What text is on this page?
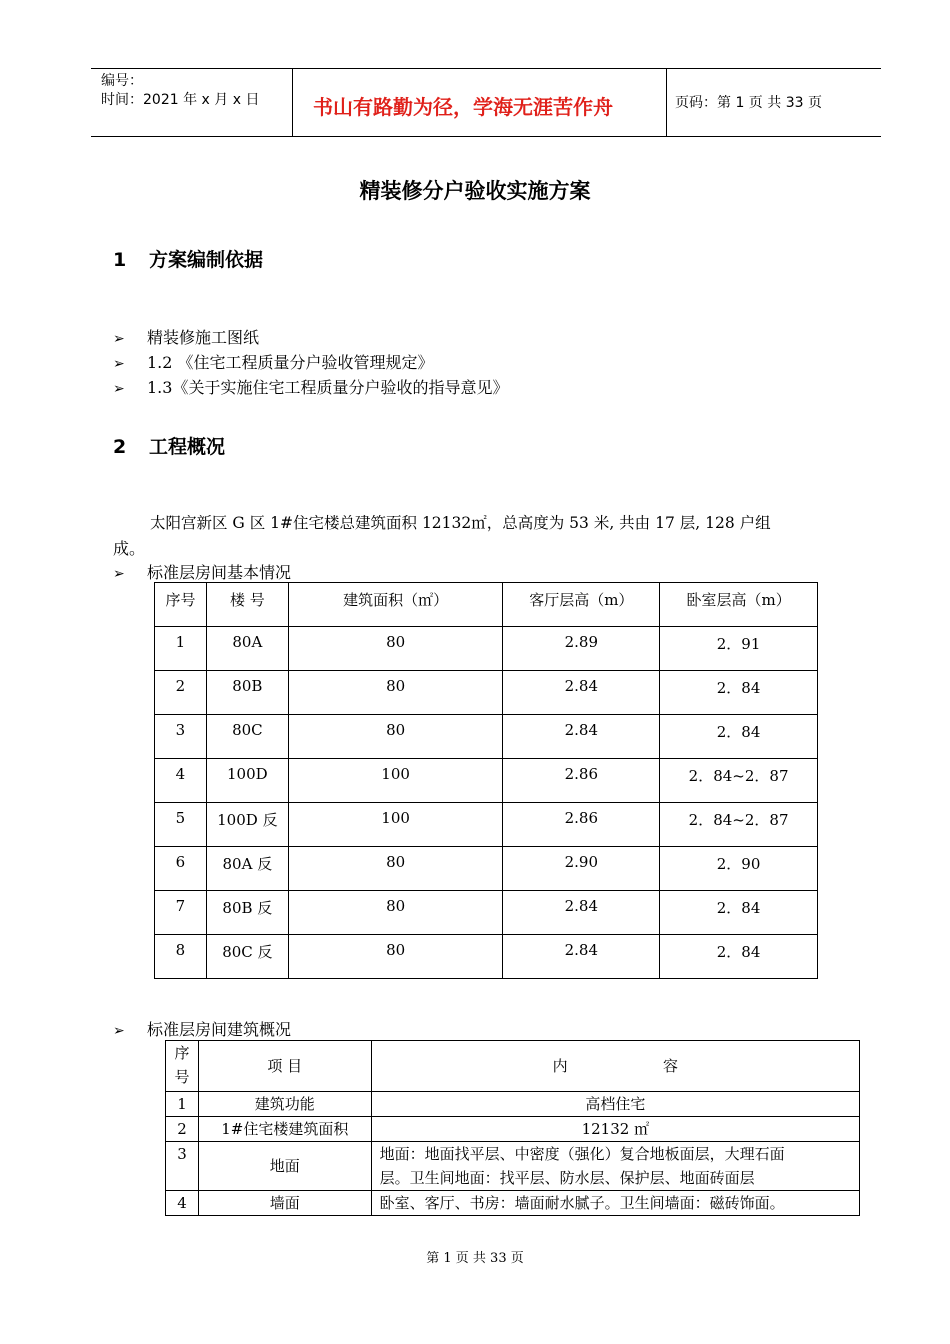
编号：
时间：2021 年 x 月 x 日	书山有路勤为径，学海无涯苦作舟	页码：第 1 页 共 33 页
精装修分户验收实施方案
1 方案编制依据
➢ 精装修施工图纸
➢ 1.2 《住宅工程质量分户验收管理规定》
➢ 1.3《关于实施住宅工程质量分户验收的指导意见》
2 工程概况
太阳宫新区 G 区 1#住宅楼总建筑面积 12132㎡，总高度为 53 米, 共由 17 层, 128 户组
成。
➢ 标准层房间基本情况
序号	楼 号	建筑面积（㎡）	客厅层高（m）	卧室层高（m）
1	80A	80	2.89	2．91
2	80B	80	2.84	2．84
3	80C	80	2.84	2．84
4	100D	100	2.86	2．84~2．87
5	100D 反	100	2.86	2．84~2．87
6	80A 反	80	2.90	2．90
7	80B 反	80	2.84	2．84
8	80C 反	80	2.84	2．84
➢ 标准层房间建筑概况
序
号	项 目	内                    容
1	建筑功能	高档住宅
2	1#住宅楼建筑面积	12132 ㎡
3	地面	地面：地面找平层、中密度（强化）复合地板面层，大理石面
层。卫生间地面：找平层、防水层、保护层、地面砖面层

4	墙面	卧室、客厅、书房：墙面耐水腻子。卫生间墙面：磁砖饰面。
第 1 页 共 33 页
